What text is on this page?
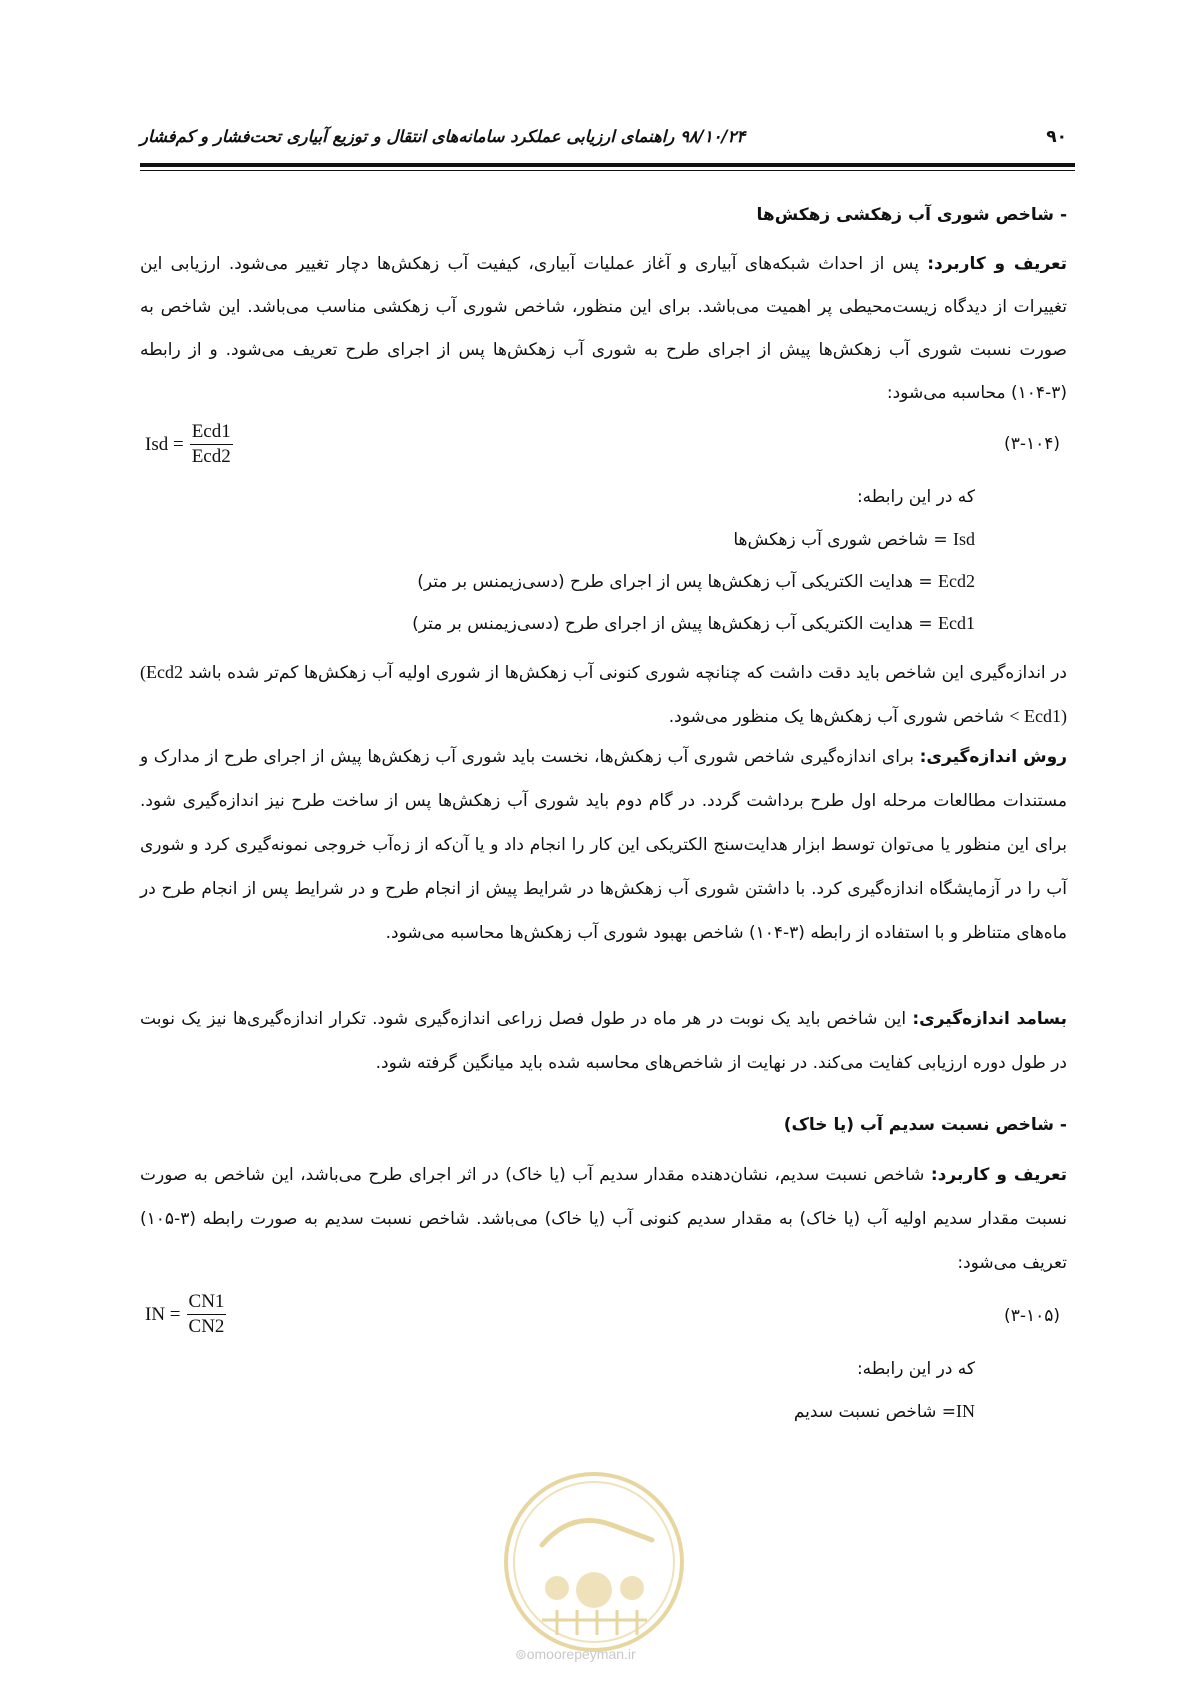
۹۰
۹۸/۱۰/۲۴ راهنمای ارزیابی عملکرد سامانه‌های انتقال و توزیع آبیاری تحت‌فشار و کم‌فشار
- شاخص شوری آب زهکشی زهکش‌ها
تعریف و کاربرد: پس از احداث شبکه‌های آبیاری و آغاز عملیات آبیاری، کیفیت آب زهکش‌ها دچار تغییر می‌شود. ارزیابی این تغییرات از دیدگاه زیست‌محیطی پر اهمیت می‌باشد. برای این منظور، شاخص شوری آب زهکشی مناسب می‌باشد. این شاخص به صورت نسبت شوری آب زهکش‌ها پیش از اجرای طرح به شوری آب زهکش‌ها پس از اجرای طرح تعریف می‌شود. و از رابطه (۳-۱۰۴) محاسبه می‌شود:
Isd = $\frac{\text{Ecd1}}{\text{Ecd2}}$	(۳-۱۰۴)
که در این رابطه:
Isd = شاخص شوری آب زهکش‌ها
Ecd2 = هدایت الکتریکی آب زهکش‌ها پس از اجرای طرح (دسی‌زیمنس بر متر)
Ecd1 = هدایت الکتریکی آب زهکش‌ها پیش از اجرای طرح (دسی‌زیمنس بر متر)
در اندازه‌گیری این شاخص باید دقت داشت که چنانچه شوری کنونی آب زهکش‌ها از شوری اولیه آب زهکش‌ها کم‌تر شده باشد (Ecd2 < Ecd1) شاخص شوری آب زهکش‌ها یک منظور می‌شود.
روش اندازه‌گیری: برای اندازه‌گیری شاخص شوری آب زهکش‌ها، نخست باید شوری آب زهکش‌ها پیش از اجرای طرح از مدارک و مستندات مطالعات مرحله اول طرح برداشت گردد. در گام دوم باید شوری آب زهکش‌ها پس از ساخت طرح نیز اندازه‌گیری شود. برای این منظور یا می‌توان توسط ابزار هدایت‌سنج الکتریکی این کار را انجام داد و یا آن‌که از زه‌آب خروجی نمونه‌گیری کرد و شوری آب را در آزمایشگاه اندازه‌گیری کرد. با داشتن شوری آب زهکش‌ها در شرایط پیش از انجام طرح و در شرایط پس از انجام طرح در ماه‌های متناظر و با استفاده از رابطه (۳-۱۰۴) شاخص بهبود شوری آب زهکش‌ها محاسبه می‌شود.
بسامد اندازه‌گیری: این شاخص باید یک نوبت در هر ماه در طول فصل زراعی اندازه‌گیری شود. تکرار اندازه‌گیری‌ها نیز یک نوبت در طول دوره ارزیابی کفایت می‌کند. در نهایت از شاخص‌های محاسبه شده باید میانگین گرفته شود.
- شاخص نسبت سدیم آب (یا خاک)
تعریف و کاربرد: شاخص نسبت سدیم، نشان‌دهنده مقدار سدیم آب (یا خاک) در اثر اجرای طرح می‌باشد، این شاخص به صورت نسبت مقدار سدیم اولیه آب (یا خاک) به مقدار سدیم کنونی آب (یا خاک) می‌باشد. شاخص نسبت سدیم به صورت رابطه (۳-۱۰۵) تعریف می‌شود:
IN = $\frac{CN1}{CN2}$	(۳-۱۰۵)
که در این رابطه:
IN= شاخص نسبت سدیم
⊚omoorepeyman.ir
